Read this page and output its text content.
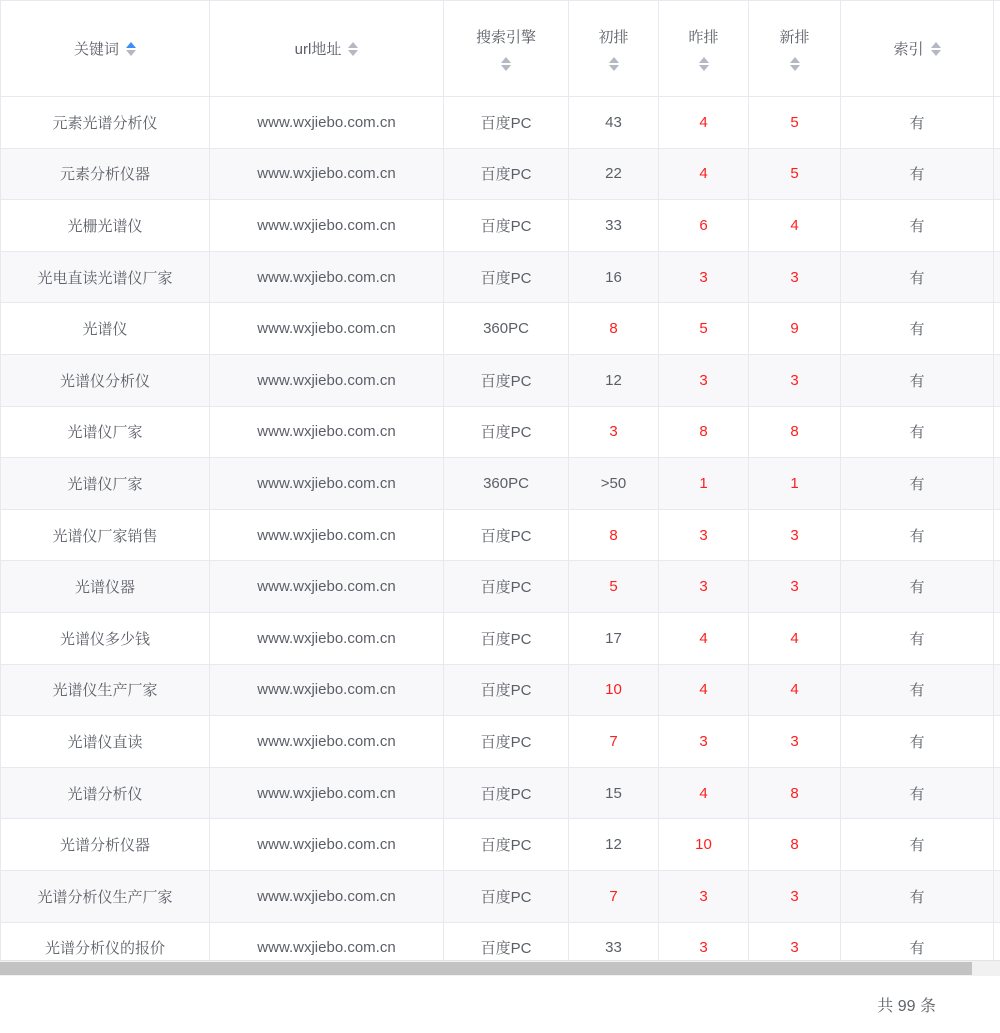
关键词	url地址	搜索引擎	初排	昨排	新排	索引	

元素光谱分析仪	www.wxjiebo.com.cn	百度PC	43	4	5	有	
元素分析仪器	www.wxjiebo.com.cn	百度PC	22	4	5	有	
光栅光谱仪	www.wxjiebo.com.cn	百度PC	33	6	4	有	
光电直读光谱仪厂家	www.wxjiebo.com.cn	百度PC	16	3	3	有	
光谱仪	www.wxjiebo.com.cn	360PC	8	5	9	有	
光谱仪分析仪	www.wxjiebo.com.cn	百度PC	12	3	3	有	
光谱仪厂家	www.wxjiebo.com.cn	百度PC	3	8	8	有	
光谱仪厂家	www.wxjiebo.com.cn	360PC	>50	1	1	有	
光谱仪厂家销售	www.wxjiebo.com.cn	百度PC	8	3	3	有	
光谱仪器	www.wxjiebo.com.cn	百度PC	5	3	3	有	
光谱仪多少钱	www.wxjiebo.com.cn	百度PC	17	4	4	有	
光谱仪生产厂家	www.wxjiebo.com.cn	百度PC	10	4	4	有	
光谱仪直读	www.wxjiebo.com.cn	百度PC	7	3	3	有	
光谱分析仪	www.wxjiebo.com.cn	百度PC	15	4	8	有	
光谱分析仪器	www.wxjiebo.com.cn	百度PC	12	10	8	有	
光谱分析仪生产厂家	www.wxjiebo.com.cn	百度PC	7	3	3	有	
光谱分析仪的报价	www.wxjiebo.com.cn	百度PC	33	3	3	有	

共 99 条
